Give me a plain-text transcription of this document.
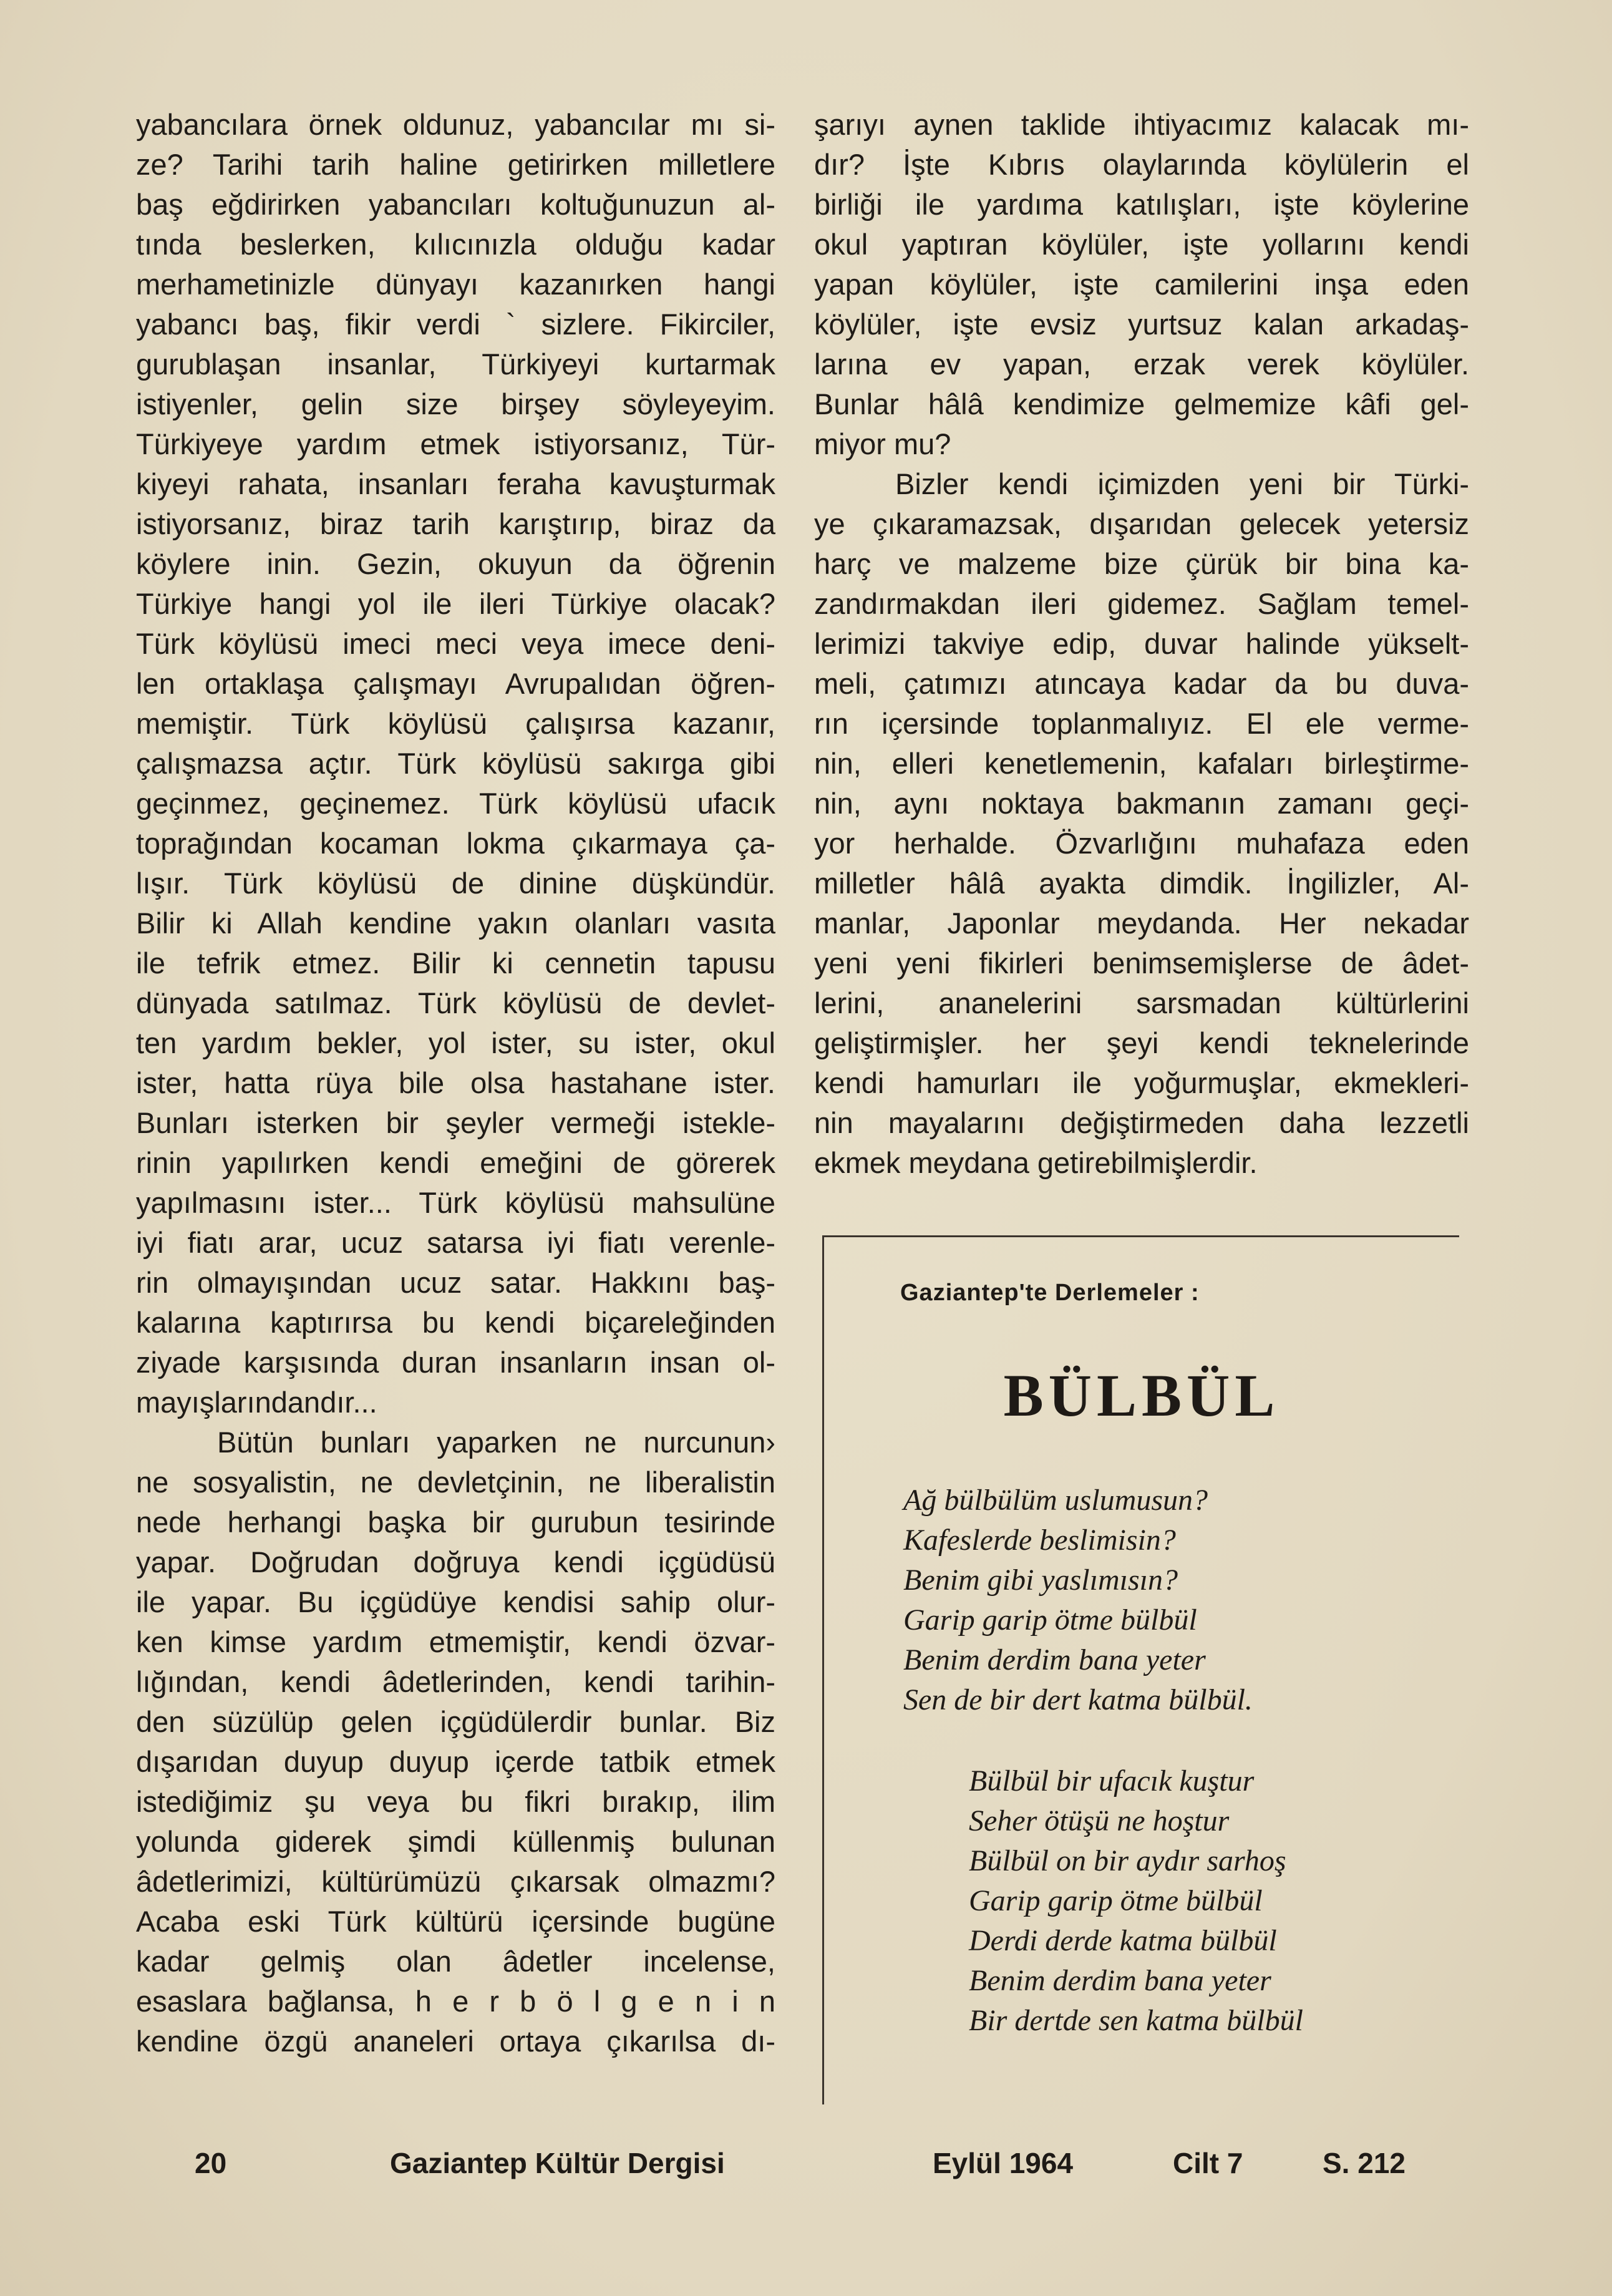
yabancılara örnek oldunuz, yabancılar mı si-
ze? Tarihi tarih haline getirirken milletlere
baş eğdirirken yabancıları koltuğunuzun al-
tında beslerken, kılıcınızla olduğu kadar
merhametinizle dünyayı kazanırken hangi
yabancı baş, fikir verdi ` sizlere. Fikirciler,
gurublaşan insanlar, Türkiyeyi kurtarmak
istiyenler, gelin size birşey söyleyeyim.
Türkiyeye yardım etmek istiyorsanız, Tür-
kiyeyi rahata, insanları feraha kavuşturmak
istiyorsanız, biraz tarih karıştırıp, biraz da
köylere inin. Gezin, okuyun da öğrenin
Türkiye hangi yol ile ileri Türkiye olacak?
Türk köylüsü imeci meci veya imece deni-
len ortaklaşa çalışmayı Avrupalıdan öğren-
memiştir. Türk köylüsü çalışırsa kazanır,
çalışmazsa açtır. Türk köylüsü sakırga gibi
geçinmez, geçinemez. Türk köylüsü ufacık
toprağından kocaman lokma çıkarmaya ça-
lışır. Türk köylüsü de dinine düşkündür.
Bilir ki Allah kendine yakın olanları vasıta
ile tefrik etmez. Bilir ki cennetin tapusu
dünyada satılmaz. Türk köylüsü de devlet-
ten yardım bekler, yol ister, su ister, okul
ister, hatta rüya bile olsa hastahane ister.
Bunları isterken bir şeyler vermeği istekle-
rinin yapılırken kendi emeğini de görerek
yapılmasını ister... Türk köylüsü mahsulüne
iyi fiatı arar, ucuz satarsa iyi fiatı verenle-
rin olmayışından ucuz satar. Hakkını baş-
kalarına kaptırırsa bu kendi biçareleğinden
ziyade karşısında duran insanların insan ol-
mayışlarındandır...
Bütün bunları yaparken ne nurcunun›
ne sosyalistin, ne devletçinin, ne liberalistin
nede herhangi başka bir gurubun tesirinde
yapar. Doğrudan doğruya kendi içgüdüsü
ile yapar. Bu içgüdüye kendisi sahip olur-
ken kimse yardım etmemiştir, kendi özvar-
lığından, kendi âdetlerinden, kendi tarihin-
den süzülüp gelen içgüdülerdir bunlar. Biz
dışarıdan duyup duyup içerde tatbik etmek
istediğimiz şu veya bu fikri bırakıp, ilim
yolunda giderek şimdi küllenmiş bulunan
âdetlerimizi, kültürümüzü çıkarsak olmazmı?
Acaba eski Türk kültürü içersinde bugüne
kadar gelmiş olan âdetler incelense,
esaslara bağlansa, h e r b ö l g e n i n
kendine özgü ananeleri ortaya çıkarılsa dı-
şarıyı aynen taklide ihtiyacımız kalacak mı-
dır? İşte Kıbrıs olaylarında köylülerin el
birliği ile yardıma katılışları, işte köylerine
okul yaptıran köylüler, işte yollarını kendi
yapan köylüler, işte camilerini inşa eden
köylüler, işte evsiz yurtsuz kalan arkadaş-
larına ev yapan, erzak verek köylüler.
Bunlar hâlâ kendimize gelmemize kâfi gel-
miyor mu?
Bizler kendi içimizden yeni bir Türki-
ye çıkaramazsak, dışarıdan gelecek yetersiz
harç ve malzeme bize çürük bir bina ka-
zandırmakdan ileri gidemez. Sağlam temel-
lerimizi takviye edip, duvar halinde yükselt-
meli, çatımızı atıncaya kadar da bu duva-
rın içersinde toplanmalıyız. El ele verme-
nin, elleri kenetlemenin, kafaları birleştirme-
nin, aynı noktaya bakmanın zamanı geçi-
yor herhalde. Özvarlığını muhafaza eden
milletler hâlâ ayakta dimdik. İngilizler, Al-
manlar, Japonlar meydanda. Her nekadar
yeni yeni fikirleri benimsemişlerse de âdet-
lerini, ananelerini sarsmadan kültürlerini
geliştirmişler. her şeyi kendi teknelerinde
kendi hamurları ile yoğurmuşlar, ekmekleri-
nin mayalarını değiştirmeden daha lezzetli
ekmek meydana getirebilmişlerdir.
Gaziantep'te Derlemeler :
BÜLBÜL
Ağ bülbülüm uslumusun?
Kafeslerde beslimisin?
Benim gibi yaslımısın?
Garip garip ötme bülbül
Benim derdim bana yeter
Sen de bir dert katma bülbül.
Bülbül bir ufacık kuştur
Seher ötüşü ne hoştur
Bülbül on bir aydır sarhoş
Garip garip ötme bülbül
Derdi derde katma bülbül
Benim derdim bana yeter
Bir dertde sen katma bülbül
20	Gaziantep Kültür Dergisi	Eylül 1964	Cilt 7	S. 212
